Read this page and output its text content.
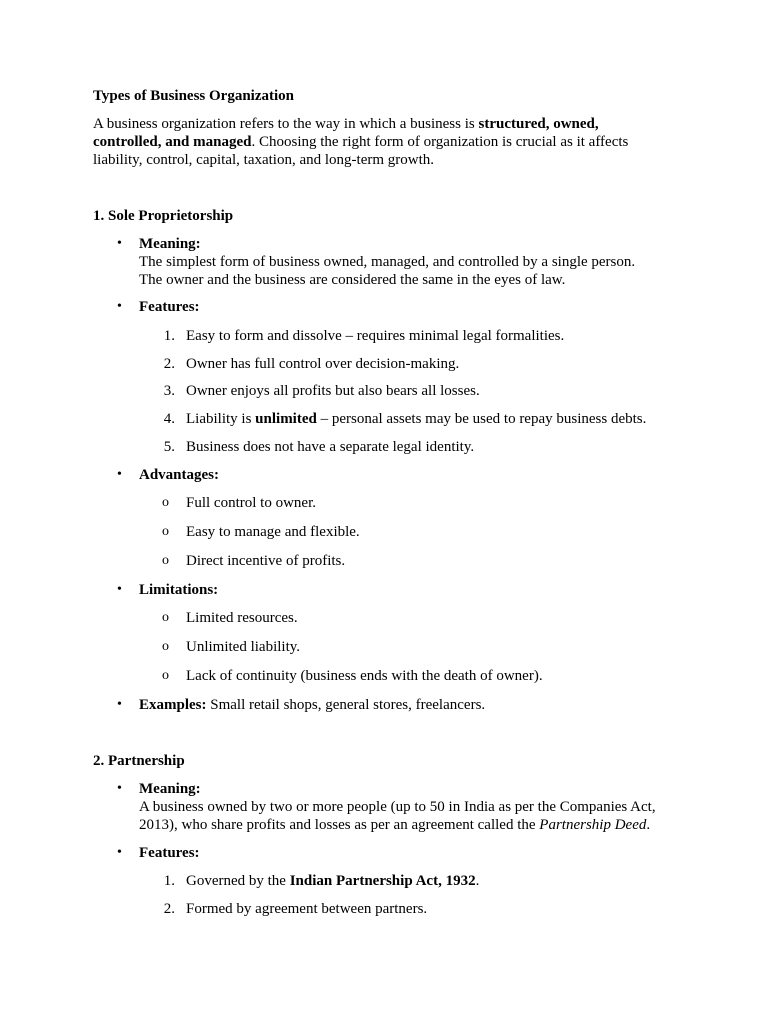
Types of Business Organization
A business organization refers to the way in which a business is structured, owned,
controlled, and managed. Choosing the right form of organization is crucial as it affects
liability, control, capital, taxation, and long-term growth.
1. Sole Proprietorship
• Meaning:
The simplest form of business owned, managed, and controlled by a single person.
The owner and the business are considered the same in the eyes of law.
• Features:
1. Easy to form and dissolve – requires minimal legal formalities.
2. Owner has full control over decision-making.
3. Owner enjoys all profits but also bears all losses.
4. Liability is unlimited – personal assets may be used to repay business debts.
5. Business does not have a separate legal identity.
• Advantages:
o Full control to owner.
o Easy to manage and flexible.
o Direct incentive of profits.
• Limitations:
o Limited resources.
o Unlimited liability.
o Lack of continuity (business ends with the death of owner).
• Examples: Small retail shops, general stores, freelancers.
2. Partnership
• Meaning:
A business owned by two or more people (up to 50 in India as per the Companies Act,
2013), who share profits and losses as per an agreement called the Partnership Deed.
• Features:
1. Governed by the Indian Partnership Act, 1932.
2. Formed by agreement between partners.
